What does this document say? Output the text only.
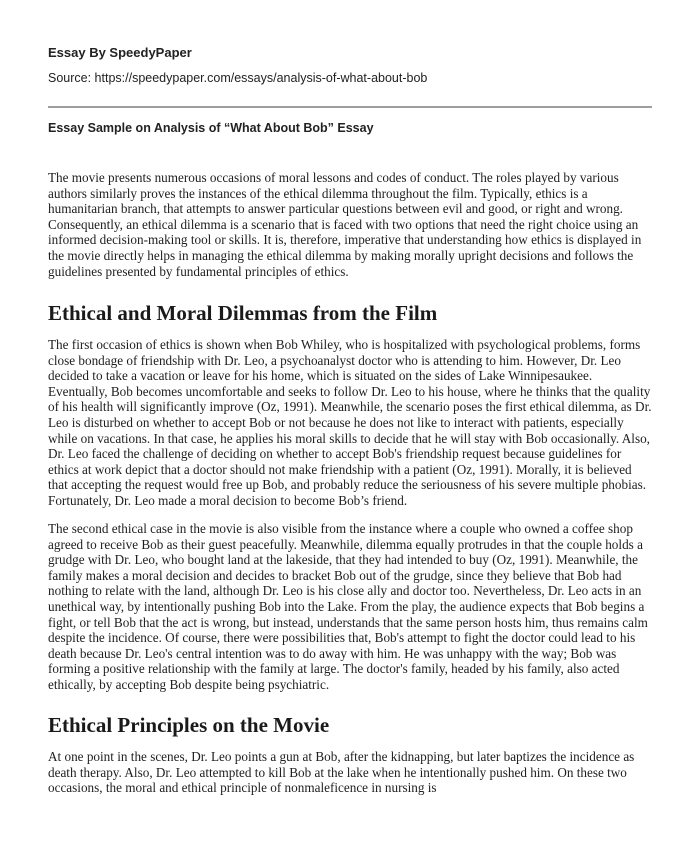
Essay By SpeedyPaper
Source: https://speedypaper.com/essays/analysis-of-what-about-bob
Essay Sample on Analysis of “What About Bob” Essay

The movie presents numerous occasions of moral lessons and codes of conduct. The roles played by various authors similarly proves the instances of the ethical dilemma throughout the film. Typically, ethics is a humanitarian branch, that attempts to answer particular questions between evil and good, or right and wrong. Consequently, an ethical dilemma is a scenario that is faced with two options that need the right choice using an informed decision-making tool or skills. It is, therefore, imperative that understanding how ethics is displayed in the movie directly helps in managing the ethical dilemma by making morally upright decisions and follows the guidelines presented by fundamental principles of ethics.

Ethical and Moral Dilemmas from the Film

The first occasion of ethics is shown when Bob Whiley, who is hospitalized with psychological problems, forms close bondage of friendship with Dr. Leo, a psychoanalyst doctor who is attending to him. However, Dr. Leo decided to take a vacation or leave for his home, which is situated on the sides of Lake Winnipesaukee. Eventually, Bob becomes uncomfortable and seeks to follow Dr. Leo to his house, where he thinks that the quality of his health will significantly improve (Oz, 1991). Meanwhile, the scenario poses the first ethical dilemma, as Dr. Leo is disturbed on whether to accept Bob or not because he does not like to interact with patients, especially while on vacations. In that case, he applies his moral skills to decide that he will stay with Bob occasionally. Also, Dr. Leo faced the challenge of deciding on whether to accept Bob's friendship request because guidelines for ethics at work depict that a doctor should not make friendship with a patient (Oz, 1991). Morally, it is believed that accepting the request would free up Bob, and probably reduce the seriousness of his severe multiple phobias. Fortunately, Dr. Leo made a moral decision to become Bob’s friend.

The second ethical case in the movie is also visible from the instance where a couple who owned a coffee shop agreed to receive Bob as their guest peacefully. Meanwhile, dilemma equally protrudes in that the couple holds a grudge with Dr. Leo, who bought land at the lakeside, that they had intended to buy (Oz, 1991). Meanwhile, the family makes a moral decision and decides to bracket Bob out of the grudge, since they believe that Bob had nothing to relate with the land, although Dr. Leo is his close ally and doctor too. Nevertheless, Dr. Leo acts in an unethical way, by intentionally pushing Bob into the Lake. From the play, the audience expects that Bob begins a fight, or tell Bob that the act is wrong, but instead, understands that the same person hosts him, thus remains calm despite the incidence. Of course, there were possibilities that, Bob's attempt to fight the doctor could lead to his death because Dr. Leo's central intention was to do away with him. He was unhappy with the way; Bob was forming a positive relationship with the family at large. The doctor's family, headed by his family, also acted ethically, by accepting Bob despite being psychiatric.

Ethical Principles on the Movie

At one point in the scenes, Dr. Leo points a gun at Bob, after the kidnapping, but later baptizes the incidence as death therapy. Also, Dr. Leo attempted to kill Bob at the lake when he intentionally pushed him. On these two occasions, the moral and ethical principle of nonmaleficence in nursing is
